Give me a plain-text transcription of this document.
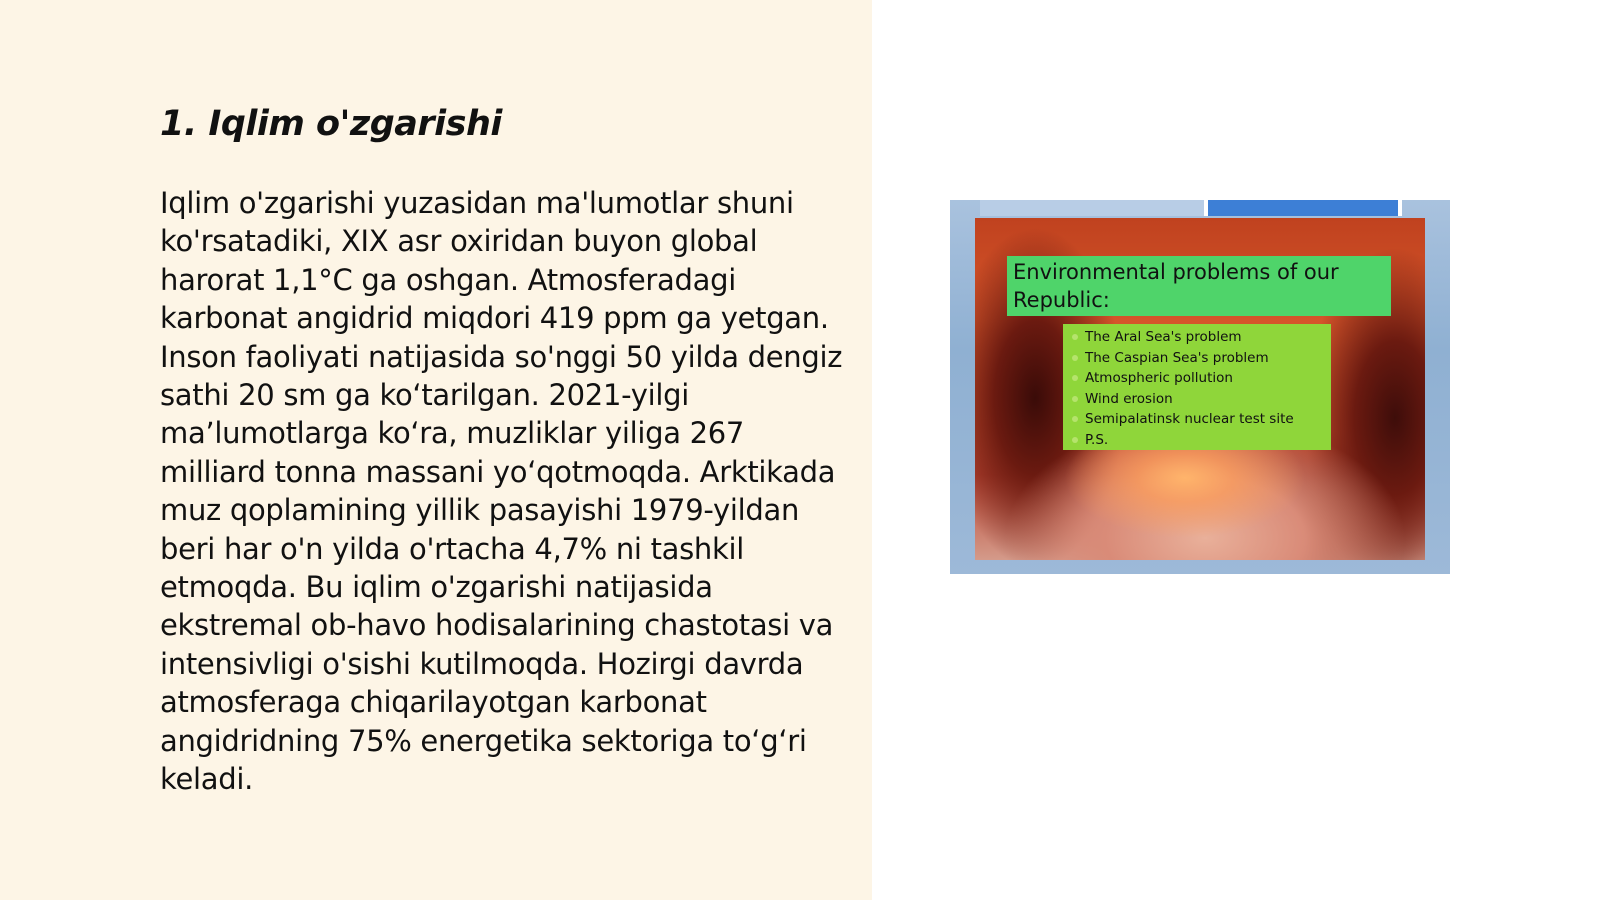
1. Iqlim o'zgarishi

Iqlim o'zgarishi yuzasidan ma'lumotlar shuni ko'rsatadiki, XIX asr oxiridan buyon global harorat 1,1°C ga oshgan. Atmosferadagi karbonat angidrid miqdori 419 ppm ga yetgan. Inson faoliyati natijasida so'nggi 50 yilda dengiz sathi 20 sm ga ko‘tarilgan. 2021-yilgi ma’lumotlarga ko‘ra, muzliklar yiliga 267 milliard tonna massani yo‘qotmoqda. Arktikada muz qoplamining yillik pasayishi 1979-yildan beri har o'n yilda o'rtacha 4,7% ni tashkil etmoqda. Bu iqlim o'zgarishi natijasida ekstremal ob-havo hodisalarining chastotasi va intensivligi o'sishi kutilmoqda. Hozirgi davrda atmosferaga chiqarilayotgan karbonat angidridning 75% energetika sektoriga to‘g‘ri keladi.

Environmental problems of our Republic:
The Aral Sea's problem
The Caspian Sea's problem
Atmospheric pollution
Wind erosion
Semipalatinsk nuclear test site
P.S.
